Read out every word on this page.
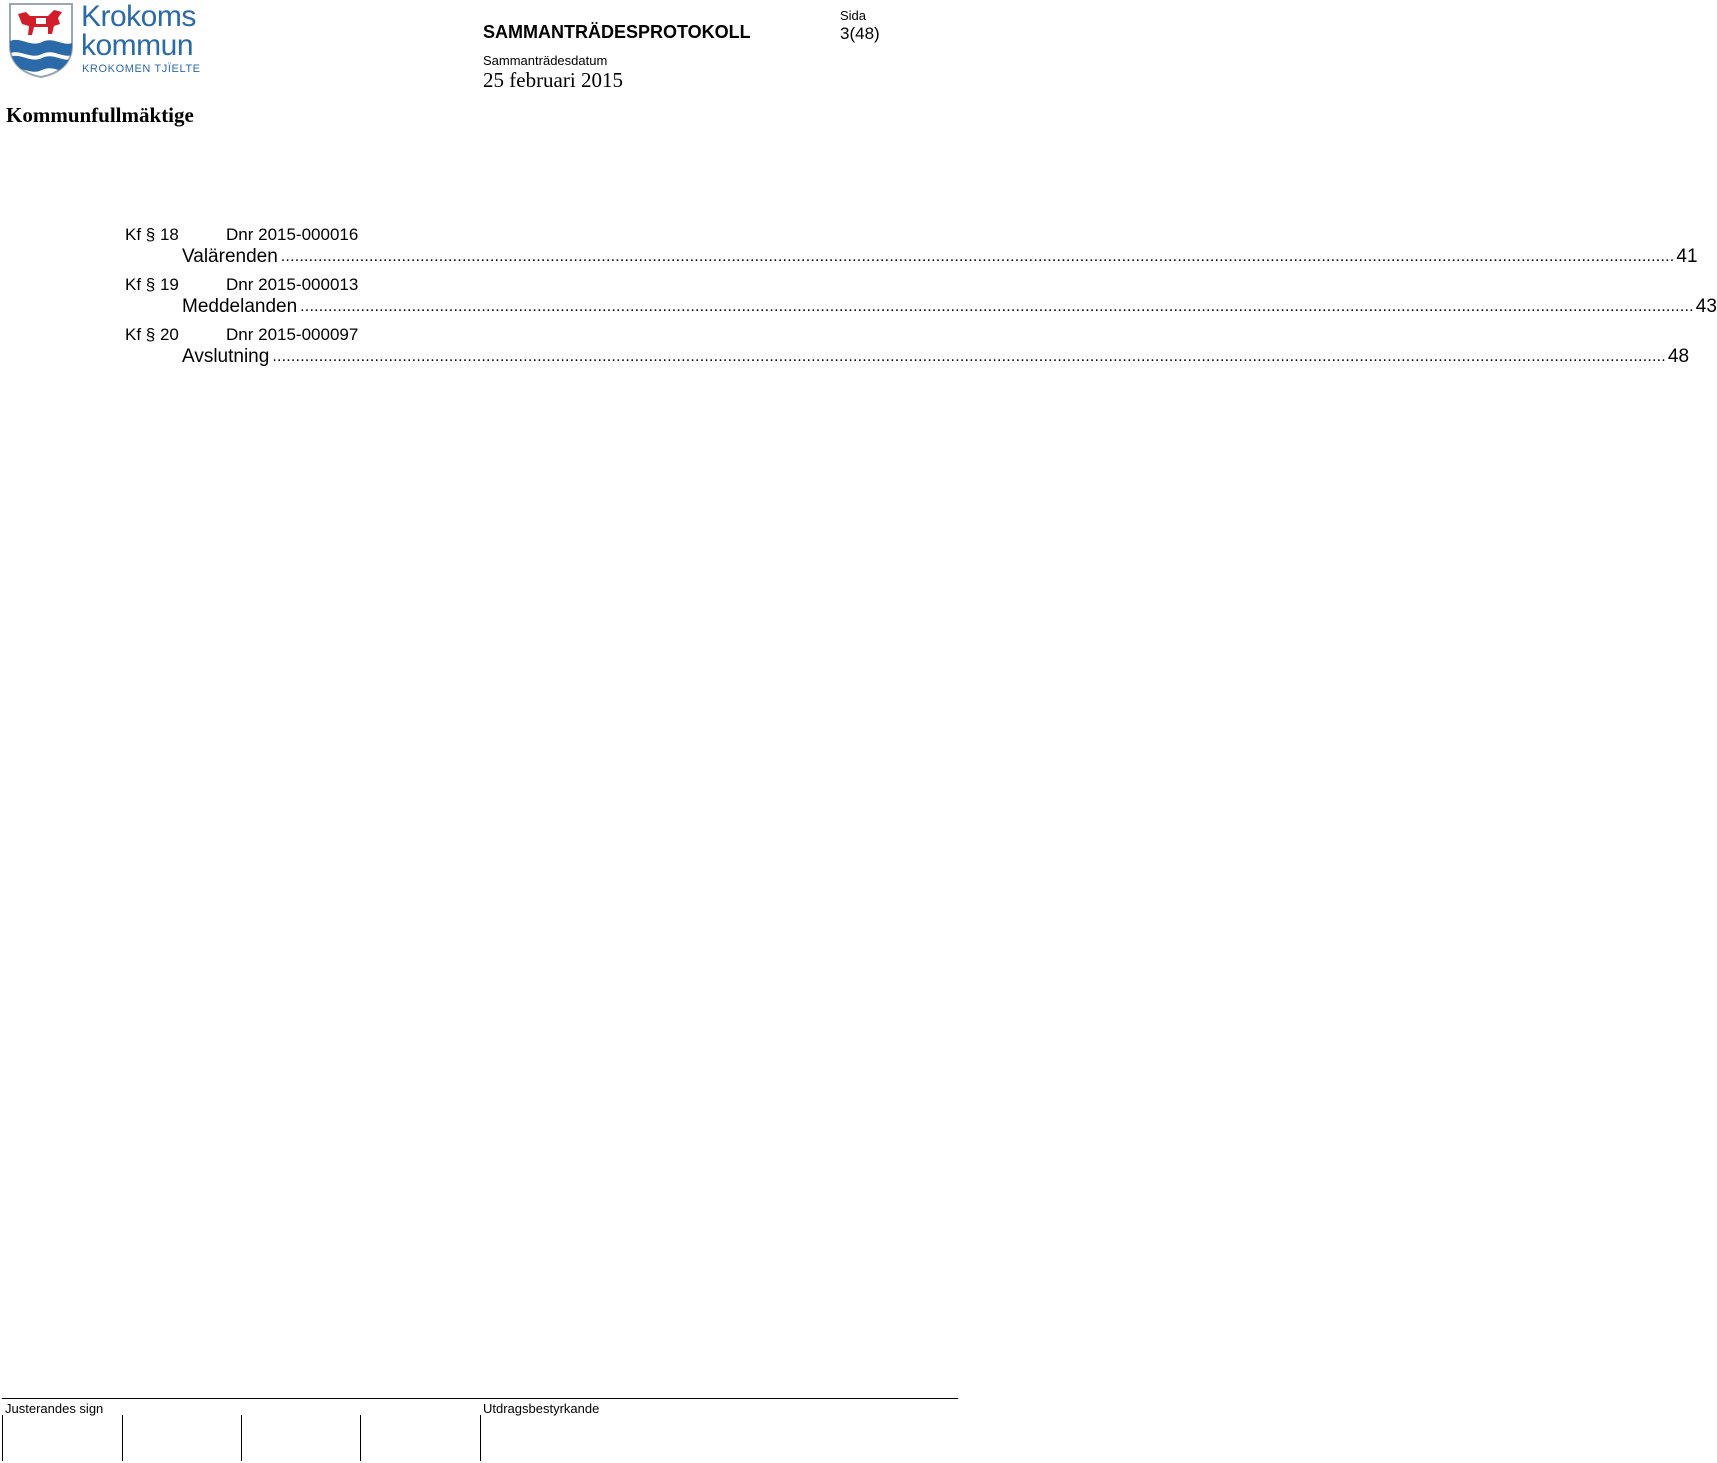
Krokoms
kommun
KROKOMEN TJÏELTE
Kommunfullmäktige
SAMMANTRÄDESPROTOKOLL
Sammanträdesdatum
25 februari 2015
Sida
3(48)
Kf § 18	Dnr 2015-000016
Valärenden ............................................................................................................................................................................................................................................................................................................ 41
Kf § 19	Dnr 2015-000013
Meddelanden ............................................................................................................................................................................................................................................................................................................ 43
Kf § 20	Dnr 2015-000097
Avslutning ............................................................................................................................................................................................................................................................................................................ 48
Justerandes sign	Utdragsbestyrkande
